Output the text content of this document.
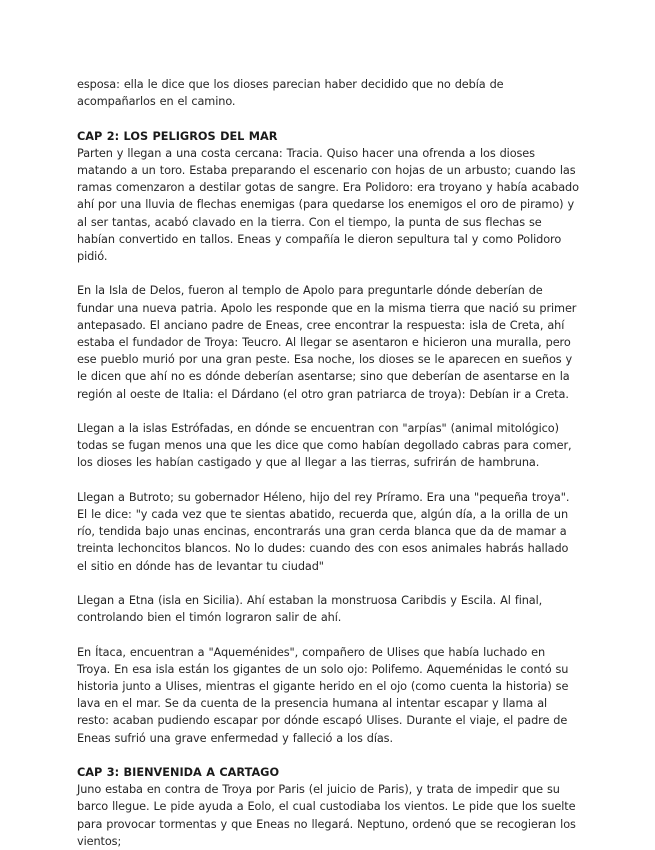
esposa: ella le dice que los dioses parecian haber decidido que no debía de acompañarlos en el camino.

CAP 2: LOS PELIGROS DEL MAR

Parten y llegan a una costa cercana: Tracia. Quiso hacer una ofrenda a los dioses matando a un toro. Estaba preparando el escenario con hojas de un arbusto; cuando las ramas comenzaron a destilar gotas de sangre. Era Polidoro: era troyano y había acabado ahí por una lluvia de flechas enemigas (para quedarse los enemigos el oro de piramo) y al ser tantas, acabó clavado en la tierra. Con el tiempo, la punta de sus flechas se habían convertido en tallos. Eneas y compañía le dieron sepultura tal y como Polidoro pidió.

En la Isla de Delos, fueron al templo de Apolo para preguntarle dónde deberían de fundar una nueva patria. Apolo les responde que en la misma tierra que nació su primer antepasado. El anciano padre de Eneas, cree encontrar la respuesta: isla de Creta, ahí estaba el fundador de Troya: Teucro. Al llegar se asentaron e hicieron una muralla, pero ese pueblo murió por una gran peste. Esa noche, los dioses se le aparecen en sueños y le dicen que ahí no es dónde deberían asentarse; sino que deberían de asentarse en la región al oeste de Italia: el Dárdano (el otro gran patriarca de troya): Debían ir a Creta.

Llegan a la islas Estrófadas, en dónde se encuentran con "arpías" (animal mitológico) todas se fugan menos una que les dice que como habían degollado cabras para comer, los dioses les habían castigado y que al llegar a las tierras, sufrirán de hambruna.

Llegan a Butroto; su gobernador Héleno, hijo del rey Príramo. Era una "pequeña troya". El le dice: "y cada vez que te sientas abatido, recuerda que, algún día, a la orilla de un río, tendida bajo unas encinas, encontrarás una gran cerda blanca que da de mamar a treinta lechoncitos blancos. No lo dudes: cuando des con esos animales habrás hallado el sitio en dónde has de levantar tu ciudad"

Llegan a Etna (isla en Sicilia). Ahí estaban la monstruosa Caribdis y Escila. Al final, controlando bien el timón lograron salir de ahí.

En Ítaca, encuentran a "Aqueménides", compañero de Ulises que había luchado en Troya. En esa isla están los gigantes de un solo ojo: Polifemo. Aqueménidas le contó su historia junto a Ulises, mientras el gigante herido en el ojo (como cuenta la historia) se lava en el mar. Se da cuenta de la presencia humana al intentar escapar y llama al resto: acaban pudiendo escapar por dónde escapó Ulises. Durante el viaje, el padre de Eneas sufrió una grave enfermedad y falleció a los días.

CAP 3: BIENVENIDA A CARTAGO

Juno estaba en contra de Troya por Paris (el juicio de Paris), y trata de impedir que su barco llegue. Le pide ayuda a Eolo, el cual custodiaba los vientos. Le pide que los suelte para provocar tormentas y que Eneas no llegará. Neptuno, ordenó que se recogieran los vientos;
